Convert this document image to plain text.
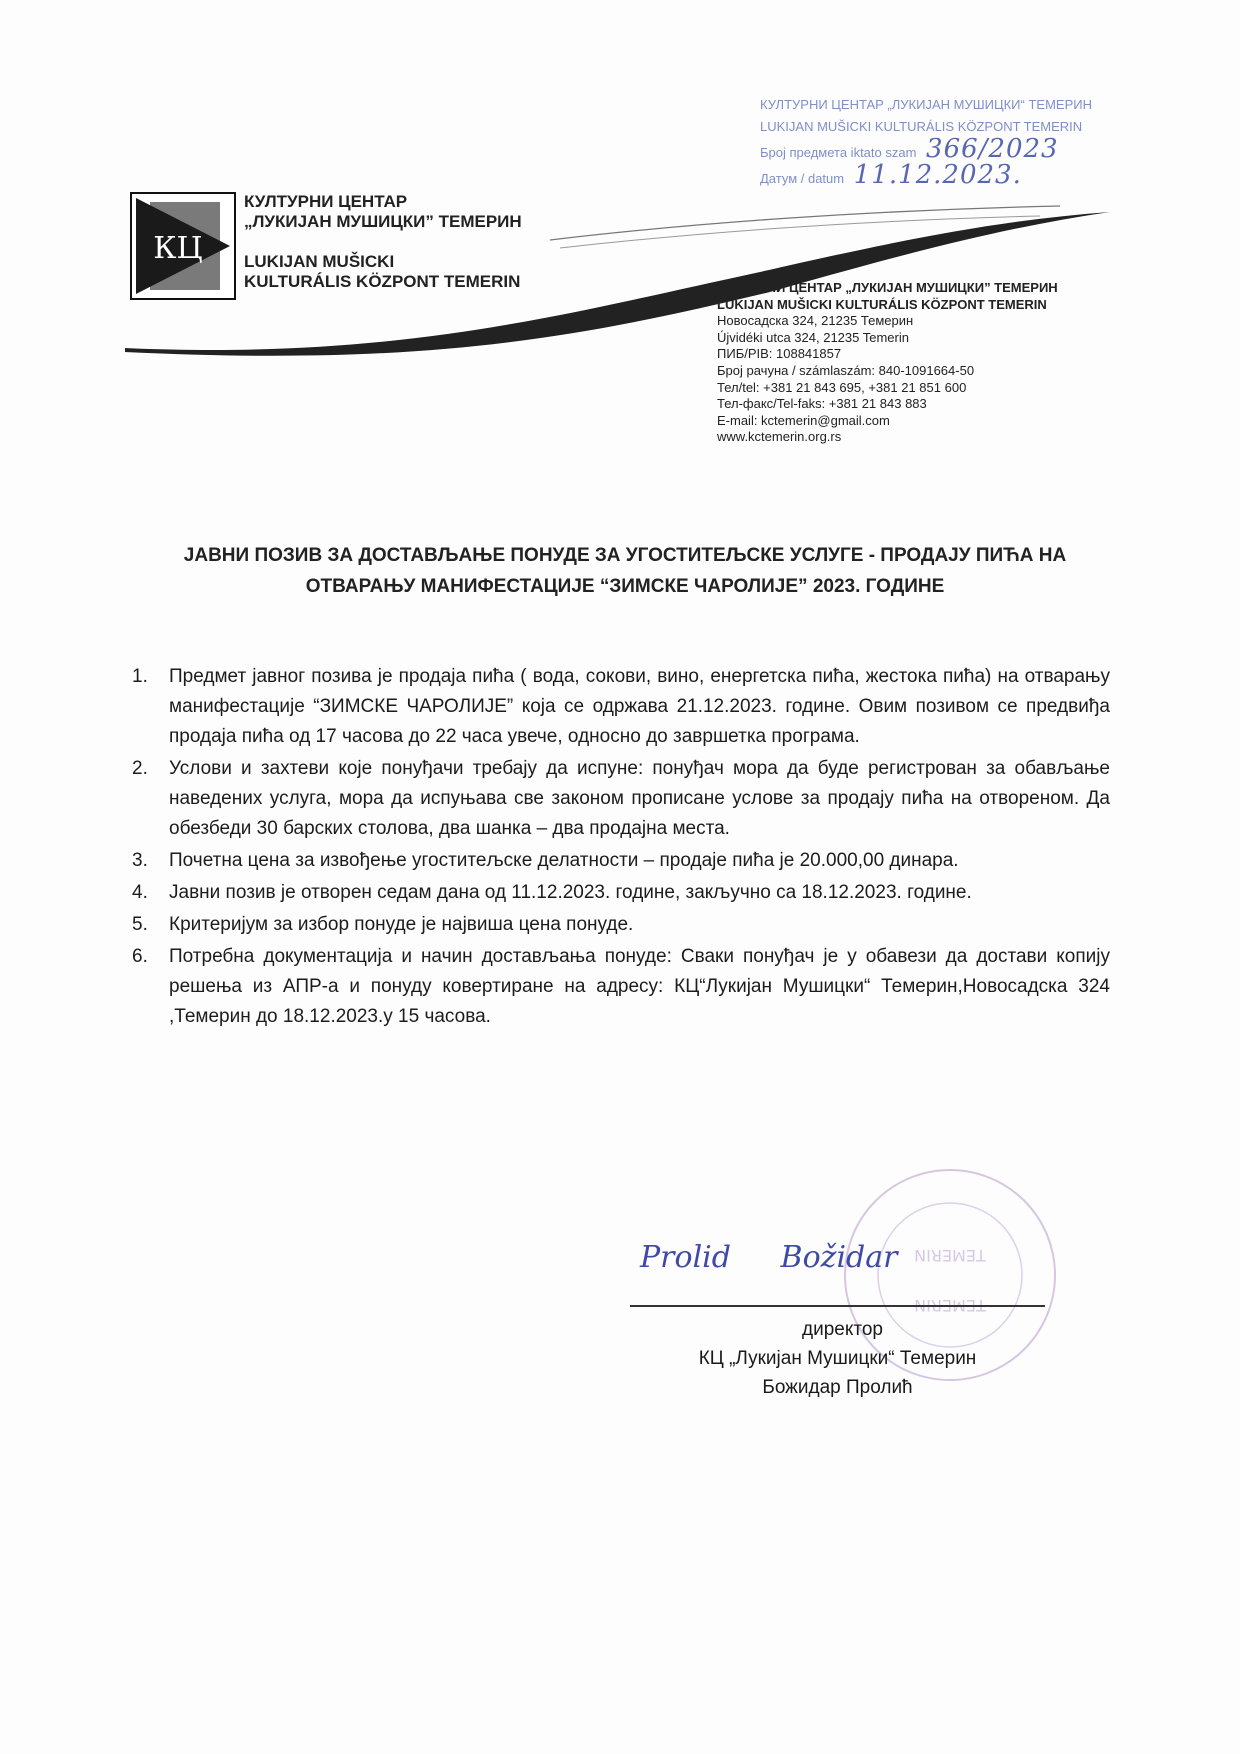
КУЛТУРНИ ЦЕНТАР „ЛУКИЈАН МУШИЦКИ“ ТЕМЕРИН
LUKIJAN MUŠICKI KULTURÁLIS KÖZPONT TEMERIN
Број предмета iktato szam 366/2023
Датум / datum 11.12.2023.
КЦ
КУЛТУРНИ ЦЕНТАР
„ЛУКИЈАН МУШИЦКИ” ТЕМЕРИН
LUKIJAN MUŠICKI
KULTURÁLIS KÖZPONT TEMERIN	КУЛТУРНИ ЦЕНТАР „ЛУКИЈАН МУШИЦКИ” ТЕМЕРИН
LUKIJAN MUŠICKI KULTURÁLIS KÖZPONT TEMERIN
Новосадска 324, 21235 Темерин
Újvidéki utca 324, 21235 Temerin
ПИБ/PIB: 108841857
Број рачуна / számlaszám: 840-1091664-50
Тел/tel: +381 21 843 695, +381 21 851 600
Тел-факс/Tel-faks: +381 21 843 883
E-mail: kctemerin@gmail.com
www.kctemerin.org.rs
ЈАВНИ ПОЗИВ ЗА ДОСТАВЉАЊЕ ПОНУДЕ ЗА УГОСТИТЕЉСКЕ УСЛУГЕ - ПРОДАЈУ ПИЋА НА
ОТВАРАЊУ МАНИФЕСТАЦИЈЕ “ЗИМСКЕ ЧАРОЛИЈЕ” 2023. ГОДИНЕ
1. Предмет јавног позива је продаја пића ( вода, сокови, вино, енергетска пића, жестока пића) на отварању манифестације “ЗИМСКЕ ЧАРОЛИЈЕ” која се одржава 21.12.2023. године. Овим позивом се предвиђа продаја пића од 17 часова до 22 часа увече, односно до завршетка програма.
2. Услови и захтеви које понуђачи требају да испуне: понуђач мора да буде регистрован за обављање наведених услуга, мора да испуњава све законом прописане услове за продају пића на отвореном. Да обезбеди 30 барских столова, два шанка – два продајна места.
3. Почетна цена за извођење угоститељске делатности – продаје пића је 20.000,00 динара.
4. Јавни позив је отворен седам дана од 11.12.2023. године, закључно са 18.12.2023. године.
5. Критеријум за избор понуде је највиша цена понуде.
6. Потребна документација и начин достављања понуде: Сваки понуђач је у обавези да достави копију решења из АПР-а и понуду ковертиране на адресу: КЦ“Лукијан Мушицки“ Темерин,Новосадска 324 ,Темерин до 18.12.2023.у 15 часова.
TEMERIN
TEMERIN
Prolid Božidar
директор
КЦ „Лукијан Мушицки“ Темерин
Божидар Пролић
